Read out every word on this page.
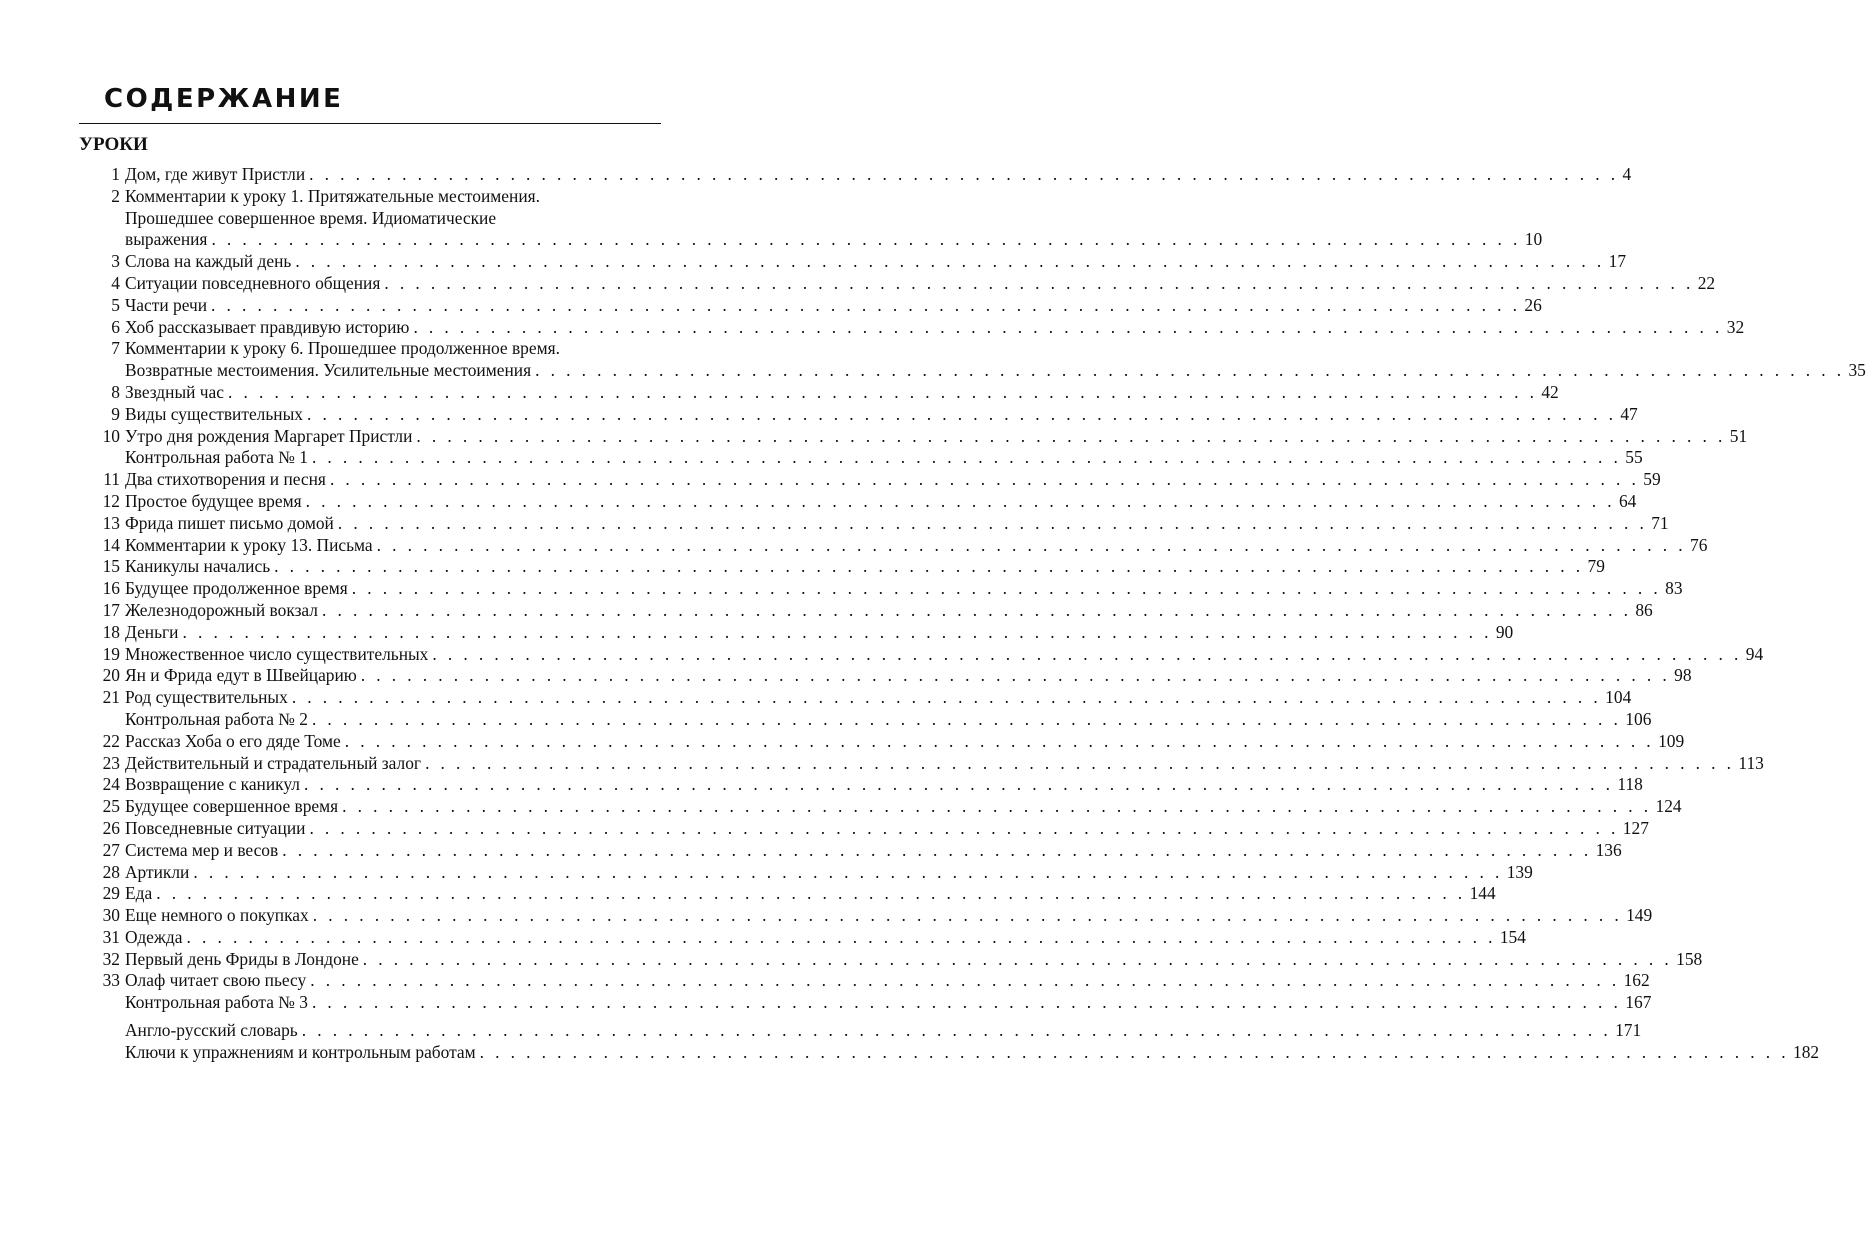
СОДЕРЖАНИЕ
УРОКИ
1 Дом, где живут Пристли . . . . . . . . . . . . . . . . . . . . . . . . . . . . . . . . . . . . . . . . . . . . . . . . . . . . . . . . . . . . . . . . . . . . . . . . . . . . . . . . . . . . . 4
2 Комментарии к уроку 1. Притяжательные местоимения.
Прошедшее совершенное время. Идиоматические
выражения . . . . . . . . . . . . . . . . . . . . . . . . . . . . . . . . . . . . . . . . . . . . . . . . . . . . . . . . . . . . . . . . . . . . . . . . . . . . . . . . . . . . . 10
3 Слова на каждый день . . . . . . . . . . . . . . . . . . . . . . . . . . . . . . . . . . . . . . . . . . . . . . . . . . . . . . . . . . . . . . . . . . . . . . . . . . . . . . . . . . . . . 17
4 Ситуации повседневного общения . . . . . . . . . . . . . . . . . . . . . . . . . . . . . . . . . . . . . . . . . . . . . . . . . . . . . . . . . . . . . . . . . . . . . . . . . . . . . . . . . . . . . 22
5 Части речи . . . . . . . . . . . . . . . . . . . . . . . . . . . . . . . . . . . . . . . . . . . . . . . . . . . . . . . . . . . . . . . . . . . . . . . . . . . . . . . . . . . . . 26
6 Хоб рассказывает правдивую историю . . . . . . . . . . . . . . . . . . . . . . . . . . . . . . . . . . . . . . . . . . . . . . . . . . . . . . . . . . . . . . . . . . . . . . . . . . . . . . . . . . . . . 32
7 Комментарии к уроку 6. Прошедшее продолженное время.
Возвратные местоимения. Усилительные местоимения . . . . . . . . . . . . . . . . . . . . . . . . . . . . . . . . . . . . . . . . . . . . . . . . . . . . . . . . . . . . . . . . . . . . . . . . . . . . . . . . . . . . . 35
8 Звездный час . . . . . . . . . . . . . . . . . . . . . . . . . . . . . . . . . . . . . . . . . . . . . . . . . . . . . . . . . . . . . . . . . . . . . . . . . . . . . . . . . . . . . 42
9 Виды существительных . . . . . . . . . . . . . . . . . . . . . . . . . . . . . . . . . . . . . . . . . . . . . . . . . . . . . . . . . . . . . . . . . . . . . . . . . . . . . . . . . . . . . 47
10 Утро дня рождения Маргарет Пристли . . . . . . . . . . . . . . . . . . . . . . . . . . . . . . . . . . . . . . . . . . . . . . . . . . . . . . . . . . . . . . . . . . . . . . . . . . . . . . . . . . . . . 51
Контрольная работа № 1 . . . . . . . . . . . . . . . . . . . . . . . . . . . . . . . . . . . . . . . . . . . . . . . . . . . . . . . . . . . . . . . . . . . . . . . . . . . . . . . . . . . . . 55
11 Два стихотворения и песня . . . . . . . . . . . . . . . . . . . . . . . . . . . . . . . . . . . . . . . . . . . . . . . . . . . . . . . . . . . . . . . . . . . . . . . . . . . . . . . . . . . . . 59
12 Простое будущее время . . . . . . . . . . . . . . . . . . . . . . . . . . . . . . . . . . . . . . . . . . . . . . . . . . . . . . . . . . . . . . . . . . . . . . . . . . . . . . . . . . . . . 64
13 Фрида пишет письмо домой . . . . . . . . . . . . . . . . . . . . . . . . . . . . . . . . . . . . . . . . . . . . . . . . . . . . . . . . . . . . . . . . . . . . . . . . . . . . . . . . . . . . . 71
14 Комментарии к уроку 13. Письма . . . . . . . . . . . . . . . . . . . . . . . . . . . . . . . . . . . . . . . . . . . . . . . . . . . . . . . . . . . . . . . . . . . . . . . . . . . . . . . . . . . . . 76
15 Каникулы начались . . . . . . . . . . . . . . . . . . . . . . . . . . . . . . . . . . . . . . . . . . . . . . . . . . . . . . . . . . . . . . . . . . . . . . . . . . . . . . . . . . . . . 79
16 Будущее продолженное время . . . . . . . . . . . . . . . . . . . . . . . . . . . . . . . . . . . . . . . . . . . . . . . . . . . . . . . . . . . . . . . . . . . . . . . . . . . . . . . . . . . . . 83
17 Железнодорожный вокзал . . . . . . . . . . . . . . . . . . . . . . . . . . . . . . . . . . . . . . . . . . . . . . . . . . . . . . . . . . . . . . . . . . . . . . . . . . . . . . . . . . . . . 86
18 Деньги . . . . . . . . . . . . . . . . . . . . . . . . . . . . . . . . . . . . . . . . . . . . . . . . . . . . . . . . . . . . . . . . . . . . . . . . . . . . . . . . . . . . . 90
19 Множественное число существительных . . . . . . . . . . . . . . . . . . . . . . . . . . . . . . . . . . . . . . . . . . . . . . . . . . . . . . . . . . . . . . . . . . . . . . . . . . . . . . . . . . . . . 94
20 Ян и Фрида едут в Швейцарию . . . . . . . . . . . . . . . . . . . . . . . . . . . . . . . . . . . . . . . . . . . . . . . . . . . . . . . . . . . . . . . . . . . . . . . . . . . . . . . . . . . . . 98
21 Род существительных . . . . . . . . . . . . . . . . . . . . . . . . . . . . . . . . . . . . . . . . . . . . . . . . . . . . . . . . . . . . . . . . . . . . . . . . . . . . . . . . . . . . . 104
Контрольная работа № 2 . . . . . . . . . . . . . . . . . . . . . . . . . . . . . . . . . . . . . . . . . . . . . . . . . . . . . . . . . . . . . . . . . . . . . . . . . . . . . . . . . . . . . 106
22 Рассказ Хоба о его дяде Томе . . . . . . . . . . . . . . . . . . . . . . . . . . . . . . . . . . . . . . . . . . . . . . . . . . . . . . . . . . . . . . . . . . . . . . . . . . . . . . . . . . . . . 109
23 Действительный и страдательный залог . . . . . . . . . . . . . . . . . . . . . . . . . . . . . . . . . . . . . . . . . . . . . . . . . . . . . . . . . . . . . . . . . . . . . . . . . . . . . . . . . . . . . 113
24 Возвращение с каникул . . . . . . . . . . . . . . . . . . . . . . . . . . . . . . . . . . . . . . . . . . . . . . . . . . . . . . . . . . . . . . . . . . . . . . . . . . . . . . . . . . . . . 118
25 Будущее совершенное время . . . . . . . . . . . . . . . . . . . . . . . . . . . . . . . . . . . . . . . . . . . . . . . . . . . . . . . . . . . . . . . . . . . . . . . . . . . . . . . . . . . . . 124
26 Повседневные ситуации . . . . . . . . . . . . . . . . . . . . . . . . . . . . . . . . . . . . . . . . . . . . . . . . . . . . . . . . . . . . . . . . . . . . . . . . . . . . . . . . . . . . . 127
27 Система мер и весов . . . . . . . . . . . . . . . . . . . . . . . . . . . . . . . . . . . . . . . . . . . . . . . . . . . . . . . . . . . . . . . . . . . . . . . . . . . . . . . . . . . . . 136
28 Артикли . . . . . . . . . . . . . . . . . . . . . . . . . . . . . . . . . . . . . . . . . . . . . . . . . . . . . . . . . . . . . . . . . . . . . . . . . . . . . . . . . . . . . 139
29 Еда . . . . . . . . . . . . . . . . . . . . . . . . . . . . . . . . . . . . . . . . . . . . . . . . . . . . . . . . . . . . . . . . . . . . . . . . . . . . . . . . . . . . . 144
30 Еще немного о покупках . . . . . . . . . . . . . . . . . . . . . . . . . . . . . . . . . . . . . . . . . . . . . . . . . . . . . . . . . . . . . . . . . . . . . . . . . . . . . . . . . . . . . 149
31 Одежда . . . . . . . . . . . . . . . . . . . . . . . . . . . . . . . . . . . . . . . . . . . . . . . . . . . . . . . . . . . . . . . . . . . . . . . . . . . . . . . . . . . . . 154
32 Первый день Фриды в Лондоне . . . . . . . . . . . . . . . . . . . . . . . . . . . . . . . . . . . . . . . . . . . . . . . . . . . . . . . . . . . . . . . . . . . . . . . . . . . . . . . . . . . . . 158
33 Олаф читает свою пьесу . . . . . . . . . . . . . . . . . . . . . . . . . . . . . . . . . . . . . . . . . . . . . . . . . . . . . . . . . . . . . . . . . . . . . . . . . . . . . . . . . . . . . 162
Контрольная работа № 3 . . . . . . . . . . . . . . . . . . . . . . . . . . . . . . . . . . . . . . . . . . . . . . . . . . . . . . . . . . . . . . . . . . . . . . . . . . . . . . . . . . . . . 167
Англо-русский словарь . . . . . . . . . . . . . . . . . . . . . . . . . . . . . . . . . . . . . . . . . . . . . . . . . . . . . . . . . . . . . . . . . . . . . . . . . . . . . . . . . . . . . 171
Ключи к упражнениям и контрольным работам . . . . . . . . . . . . . . . . . . . . . . . . . . . . . . . . . . . . . . . . . . . . . . . . . . . . . . . . . . . . . . . . . . . . . . . . . . . . . . . . . . . . . 182
